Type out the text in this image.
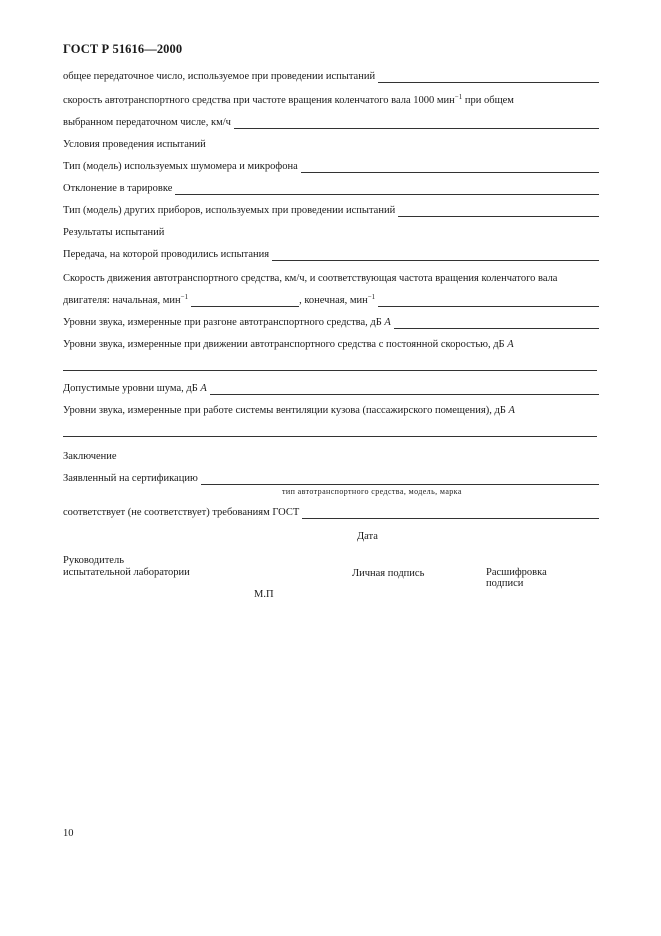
ГОСТ Р 51616—2000
общее передаточное число, используемое при проведении испытаний
скорость автотранспортного средства при частоте вращения коленчатого вала 1000 мин$^{-1}$ при общем
выбранном передаточном числе, км/ч
Условия проведения испытаний
Тип (модель) используемых шумомера и микрофона
Отклонение в тарировке
Тип (модель) других приборов, используемых при проведении испытаний
Результаты испытаний
Передача, на которой проводились испытания
Скорость движения автотранспортного средства, км/ч, и соответствующая частота вращения коленчатого вала
двигателя: начальная, мин$^{-1}$	, конечная, мин$^{-1}$
Уровни звука, измеренные при разгоне автотранспортного средства, дБ A
Уровни звука, измеренные при движении автотранспортного средства с постоянной скоростью, дБ A
Допустимые уровни шума, дБ A
Уровни звука, измеренные при работе системы вентиляции кузова (пассажирского помещения), дБ A
Заключение
Заявленный на сертификацию
тип автотранспортного средства, модель, марка
соответствует (не соответствует) требованиям ГОСТ
Дата
Руководитель
испытательной лаборатории	Личная подпись	Расшифровка
подписи
М.П
10
